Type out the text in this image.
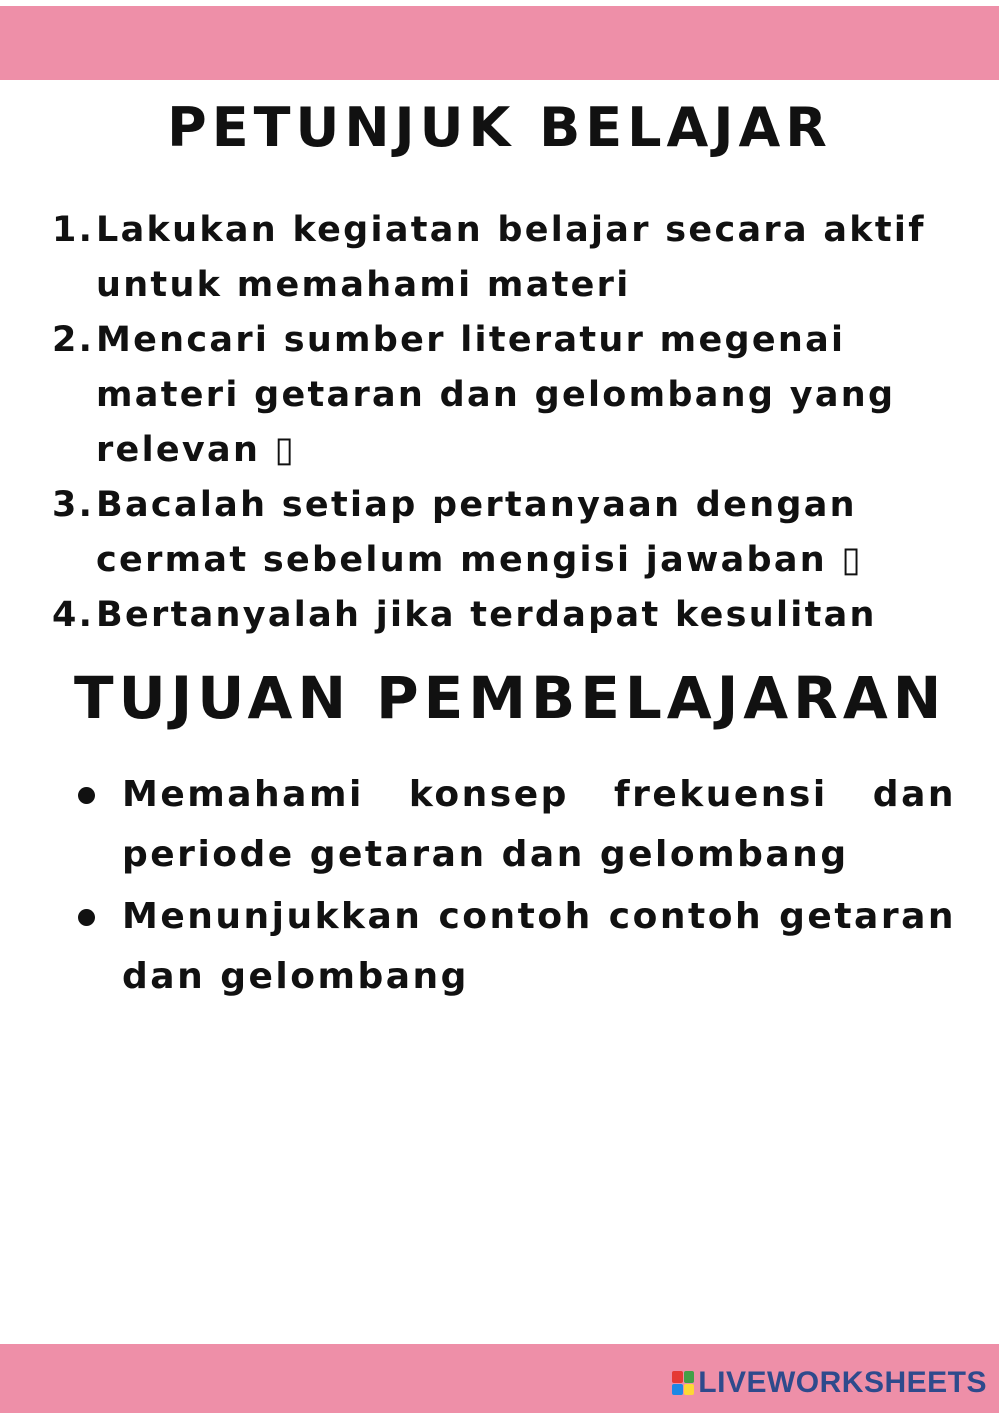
PETUNJUK BELAJAR
1. Lakukan kegiatan belajar secara aktif untuk memahami materi
2. Mencari sumber literatur megenai materi getaran dan gelombang yang relevan ▯
3. Bacalah setiap pertanyaan dengan cermat sebelum mengisi jawaban ▯
4. Bertanyalah jika terdapat kesulitan
TUJUAN PEMBELAJARAN
Memahami konsep frekuensi dan periode getaran dan gelombang
Menunjukkan contoh contoh getaran dan gelombang
LIVEWORKSHEETS
